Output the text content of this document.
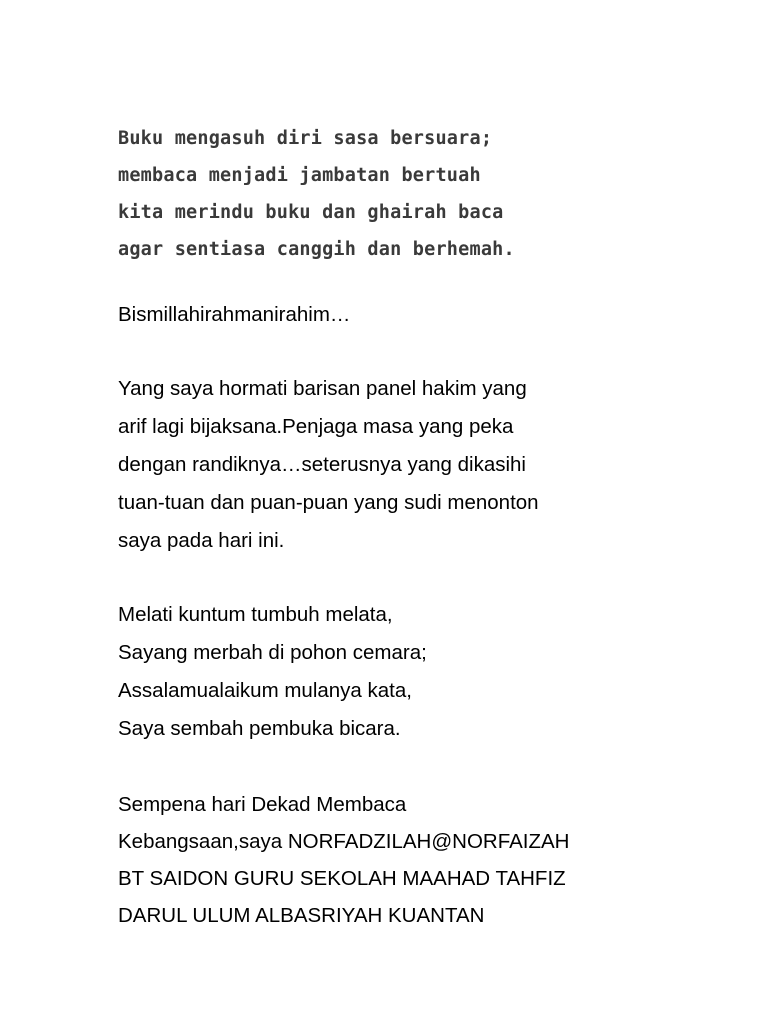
Buku mengasuh diri sasa bersuara;
membaca menjadi jambatan bertuah
kita merindu buku dan ghairah baca
agar sentiasa canggih dan berhemah.
Bismillahirahmanirahim…
Yang saya hormati barisan panel hakim yang
arif lagi bijaksana.Penjaga masa yang peka
dengan randiknya…seterusnya yang dikasihi
tuan-tuan dan puan-puan yang sudi menonton
saya pada hari ini.
Melati kuntum tumbuh melata,
Sayang merbah di pohon cemara;
Assalamualaikum mulanya kata,
Saya sembah pembuka bicara.
Sempena hari Dekad Membaca
Kebangsaan,saya NORFADZILAH@NORFAIZAH
BT SAIDON GURU SEKOLAH MAAHAD TAHFIZ
DARUL ULUM ALBASRIYAH KUANTAN
